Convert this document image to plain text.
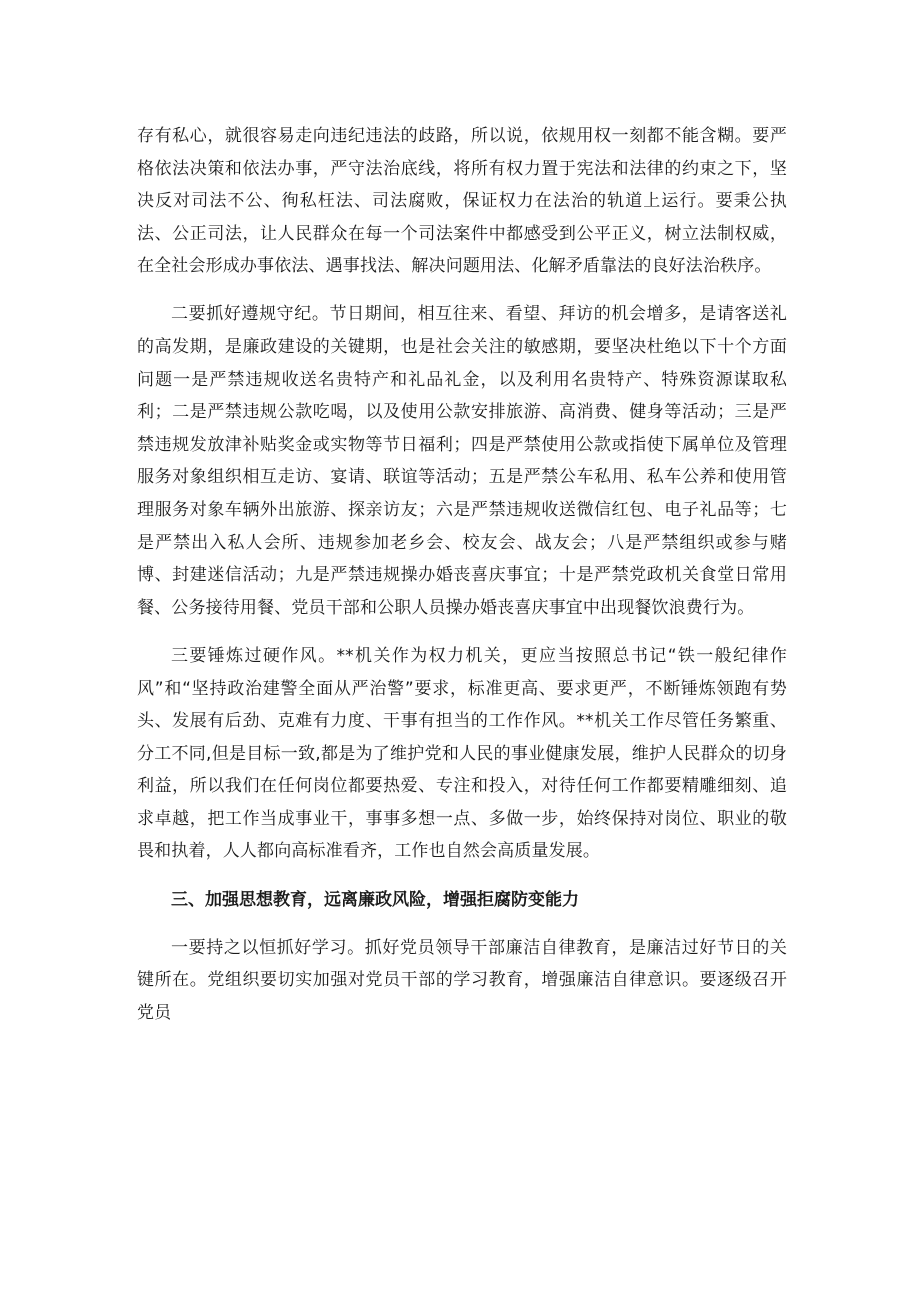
存有私心，就很容易走向违纪违法的歧路，所以说，依规用权一刻都不能含糊。要严格依法决策和依法办事，严守法治底线，将所有权力置于宪法和法律的约束之下，坚决反对司法不公、徇私枉法、司法腐败，保证权力在法治的轨道上运行。要秉公执法、公正司法，让人民群众在每一个司法案件中都感受到公平正义，树立法制权威，在全社会形成办事依法、遇事找法、解决问题用法、化解矛盾靠法的良好法治秩序。

二要抓好遵规守纪。节日期间，相互往来、看望、拜访的机会增多，是请客送礼的高发期，是廉政建设的关键期，也是社会关注的敏感期，要坚决杜绝以下十个方面问题一是严禁违规收送名贵特产和礼品礼金，以及利用名贵特产、特殊资源谋取私利；二是严禁违规公款吃喝，以及使用公款安排旅游、高消费、健身等活动；三是严禁违规发放津补贴奖金或实物等节日福利；四是严禁使用公款或指使下属单位及管理服务对象组织相互走访、宴请、联谊等活动；五是严禁公车私用、私车公养和使用管理服务对象车辆外出旅游、探亲访友；六是严禁违规收送微信红包、电子礼品等；七是严禁出入私人会所、违规参加老乡会、校友会、战友会；八是严禁组织或参与赌博、封建迷信活动；九是严禁违规操办婚丧喜庆事宜；十是严禁党政机关食堂日常用餐、公务接待用餐、党员干部和公职人员操办婚丧喜庆事宜中出现餐饮浪费行为。

三要锤炼过硬作风。**机关作为权力机关，更应当按照总书记“铁一般纪律作风”和“坚持政治建警全面从严治警”要求，标准更高、要求更严，不断锤炼领跑有势头、发展有后劲、克难有力度、干事有担当的工作作风。**机关工作尽管任务繁重、分工不同,但是目标一致,都是为了维护党和人民的事业健康发展，维护人民群众的切身利益，所以我们在任何岗位都要热爱、专注和投入，对待任何工作都要精雕细刻、追求卓越，把工作当成事业干，事事多想一点、多做一步，始终保持对岗位、职业的敬畏和执着，人人都向高标准看齐，工作也自然会高质量发展。

三、加强思想教育，远离廉政风险，增强拒腐防变能力

一要持之以恒抓好学习。抓好党员领导干部廉洁自律教育，是廉洁过好节日的关键所在。党组织要切实加强对党员干部的学习教育，增强廉洁自律意识。要逐级召开党员
